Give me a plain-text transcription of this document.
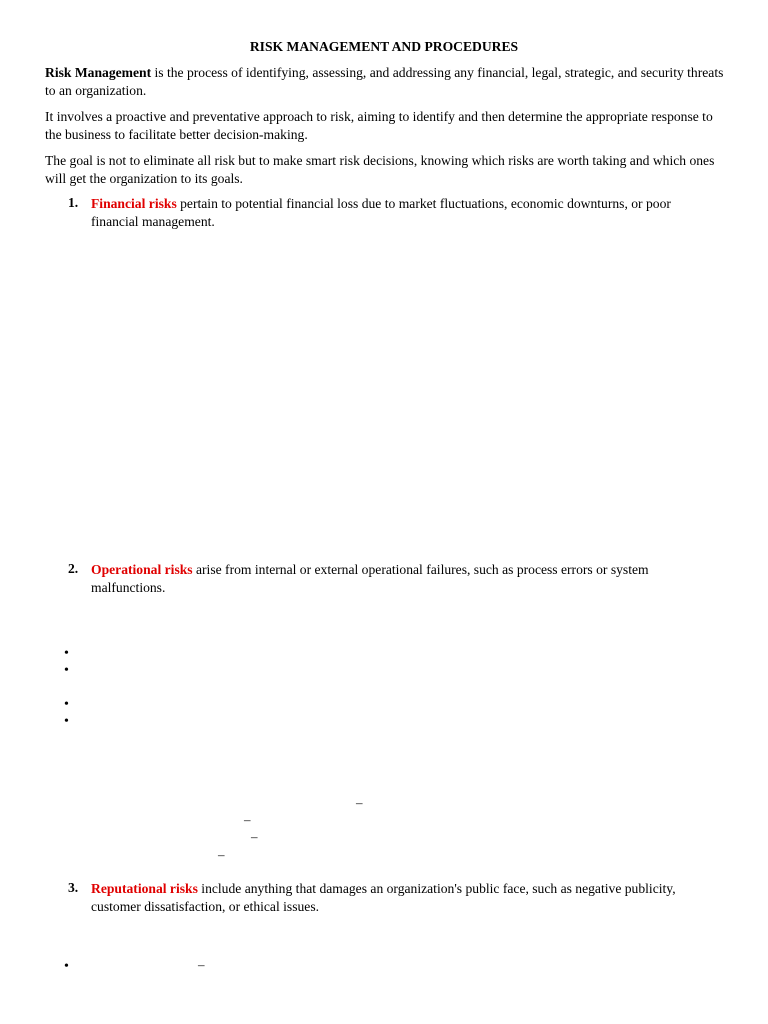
RISK MANAGEMENT AND PROCEDURES
Risk Management is the process of identifying, assessing, and addressing any financial, legal, strategic, and security threats to an organization.
It involves a proactive and preventative approach to risk, aiming to identify and then determine the appropriate response to the business to facilitate better decision-making.
The goal is not to eliminate all risk but to make smart risk decisions, knowing which risks are worth taking and which ones will get the organization to its goals.
1. Financial risks pertain to potential financial loss due to market fluctuations, economic downturns, or poor financial management.
2. Operational risks arise from internal or external operational failures, such as process errors or system malfunctions.
•
•
•
•
–
–
–
–
3. Reputational risks include anything that damages an organization's public face, such as negative publicity, customer dissatisfaction, or ethical issues.
•	–
